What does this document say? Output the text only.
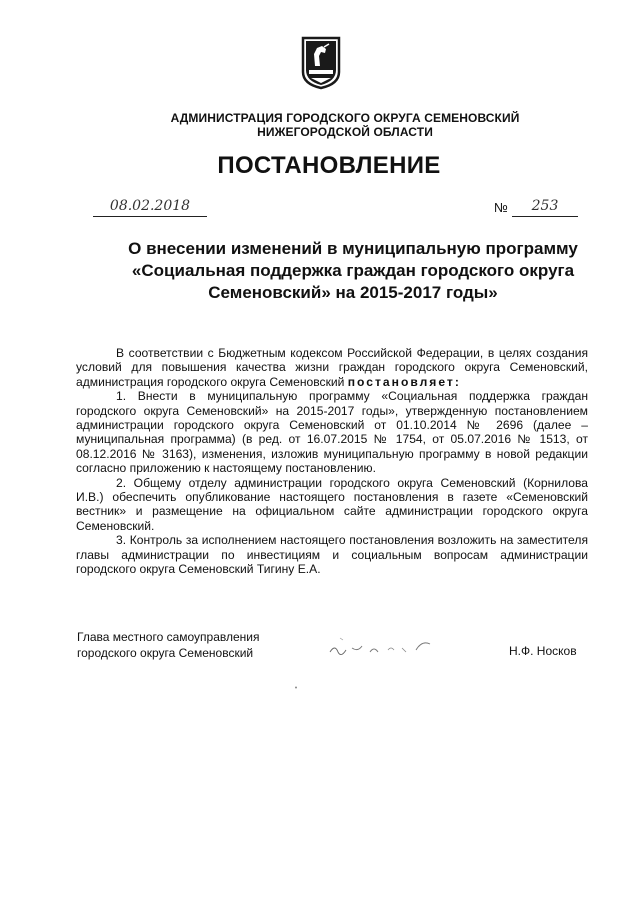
АДМИНИСТРАЦИЯ ГОРОДСКОГО ОКРУГА СЕМЕНОВСКИЙ
НИЖЕГОРОДСКОЙ ОБЛАСТИ
ПОСТАНОВЛЕНИЕ
08.02.2018	№	253
О внесении изменений в муниципальную программу
«Социальная поддержка граждан городского округа
Семеновский» на 2015-2017 годы»

В соответствии с Бюджетным кодексом Российской Федерации, в целях создания условий для повышения качества жизни граждан городского округа Семеновский, администрация городского округа Семеновский постановляет:

1. Внести в муниципальную программу «Социальная поддержка граждан городского округа Семеновский» на 2015-2017 годы», утвержденную постановлением администрации городского округа Семеновский от 01.10.2014 № 2696 (далее – муниципальная программа) (в ред. от 16.07.2015 № 1754, от 05.07.2016 № 1513, от 08.12.2016 № 3163), изменения, изложив муниципальную программу в новой редакции согласно приложению к настоящему постановлению.

2. Общему отделу администрации городского округа Семеновский (Корнилова И.В.) обеспечить опубликование настоящего постановления в газете «Семеновский вестник» и размещение на официальном сайте администрации городского округа Семеновский.

3. Контроль за исполнением настоящего постановления возложить на заместителя главы администрации по инвестициям и социальным вопросам администрации городского округа Семеновский Тигину Е.А.

Глава местного самоуправления
городского округа Семеновский	Н.Ф. Носков
